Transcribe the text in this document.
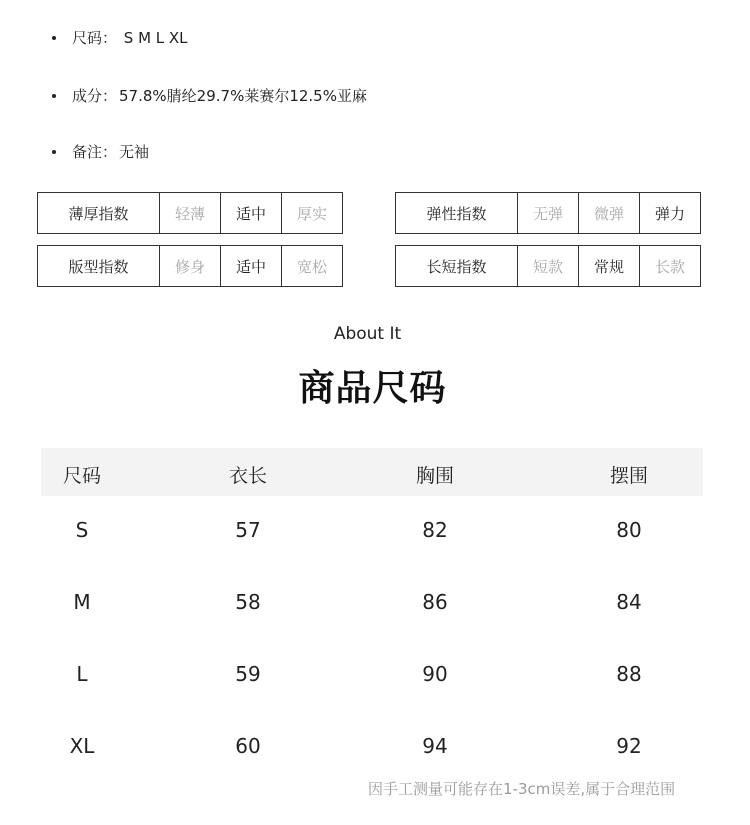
尺码： S M L XL
成分： 57.8%腈纶29.7%莱赛尔12.5%亚麻
备注： 无袖
薄厚指数	轻薄	适中	厚实

版型指数	修身	适中	宽松
弹性指数	无弹	微弹	弹力

长短指数	短款	常规	长款
About It
商品尺码
尺码	衣长	胸围	摆围
S	57	82	80
M	58	86	84
L	59	90	88
XL	60	94	92
因手工测量可能存在1-3cm误差,属于合理范围
